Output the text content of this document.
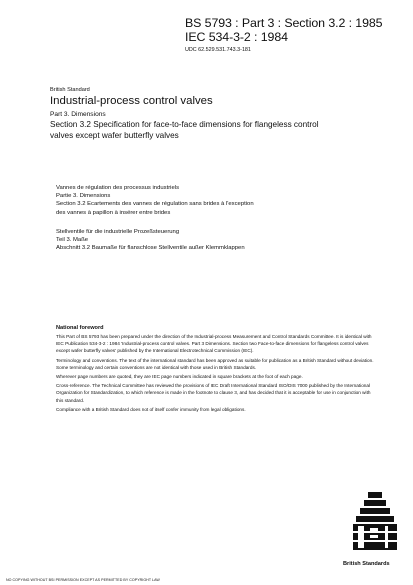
BS 5793 : Part 3 : Section 3.2 : 1985
IEC 534-3-2 : 1984
UDC 62.529.531.743.3-181
British Standard
Industrial-process control valves
Part 3. Dimensions
Section 3.2 Specification for face-to-face dimensions for flangeless control
valves except wafer butterfly valves
Vannes de régulation des processus industriels
Partie 3. Dimensions
Section 3.2 Ecartements des vannes de régulation sans brides à l'exception
des vannes à papillon à insérer entre brides
Stellventile für die industrielle Prozeßsteuerung
Teil 3. Maße
Abschnitt 3.2 Baumaße für flanschlose Stellventile außer Klemmklappen
National foreword
This Part of BS 5793 has been prepared under the direction of the Industrial-process Measurement and Control Standards Committee. It is identical with IEC Publication 534-3-2 : 1984 'Industrial-process control valves. Part 3 Dimensions. Section two Face-to-face dimensions for flangeless control valves except wafer butterfly valves' published by the International Electrotechnical Commission (IEC).
Terminology and conventions. The text of the international standard has been approved as suitable for publication as a British Standard without deviation. Some terminology and certain conventions are not identical with those used in British Standards.
Wherever page numbers are quoted, they are IEC page numbers indicated in square brackets at the foot of each page.
Cross-reference. The Technical Committee has reviewed the provisions of IEC Draft International Standard ISO/DIS 7000 published by the International Organization for Standardization, to which reference is made in the footnote to clause 3, and has decided that it is acceptable for use in conjunction with this standard.
Compliance with a British Standard does not of itself confer immunity from legal obligations.
British Standards
NO COPYING WITHOUT BSI PERMISSION EXCEPT AS PERMITTED BY COPYRIGHT LAW
